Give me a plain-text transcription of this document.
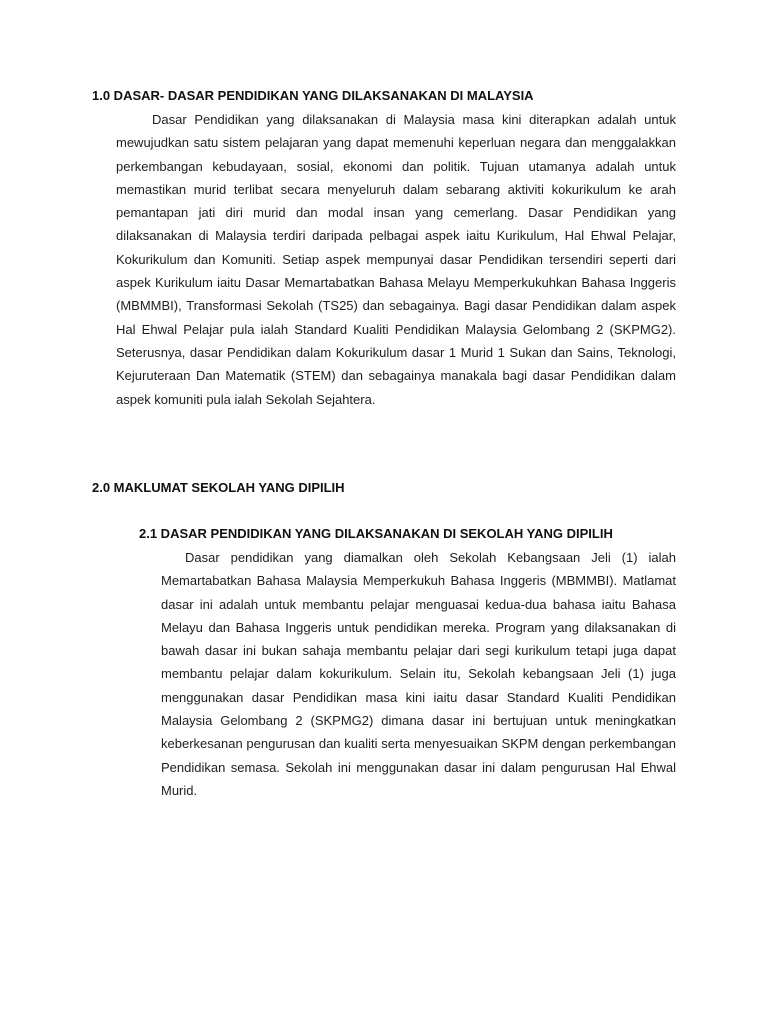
1.0 DASAR- DASAR PENDIDIKAN YANG DILAKSANAKAN DI MALAYSIA
Dasar Pendidikan yang dilaksanakan di Malaysia masa kini diterapkan adalah untuk mewujudkan satu sistem pelajaran yang dapat memenuhi keperluan negara dan menggalakkan perkembangan kebudayaan, sosial, ekonomi dan politik. Tujuan utamanya adalah untuk memastikan murid terlibat secara menyeluruh dalam sebarang aktiviti kokurikulum ke arah pemantapan jati diri murid dan modal insan yang cemerlang. Dasar Pendidikan yang dilaksanakan di Malaysia terdiri daripada pelbagai aspek iaitu Kurikulum, Hal Ehwal Pelajar, Kokurikulum dan Komuniti. Setiap aspek mempunyai dasar Pendidikan tersendiri seperti dari aspek Kurikulum iaitu Dasar Memartabatkan Bahasa Melayu Memperkukuhkan Bahasa Inggeris (MBMMBI), Transformasi Sekolah (TS25) dan sebagainya. Bagi dasar Pendidikan dalam aspek Hal Ehwal Pelajar pula ialah Standard Kualiti Pendidikan Malaysia Gelombang 2 (SKPMG2). Seterusnya, dasar Pendidikan dalam Kokurikulum dasar 1 Murid 1 Sukan dan Sains, Teknologi, Kejuruteraan Dan Matematik (STEM) dan sebagainya manakala bagi dasar Pendidikan dalam aspek komuniti pula ialah Sekolah Sejahtera.
2.0 MAKLUMAT SEKOLAH YANG DIPILIH
2.1 DASAR PENDIDIKAN YANG DILAKSANAKAN DI SEKOLAH YANG DIPILIH
Dasar pendidikan yang diamalkan oleh Sekolah Kebangsaan Jeli (1) ialah Memartabatkan Bahasa Malaysia Memperkukuh Bahasa Inggeris (MBMMBI). Matlamat dasar ini adalah untuk membantu pelajar menguasai kedua-dua bahasa iaitu Bahasa Melayu dan Bahasa Inggeris untuk pendidikan mereka. Program yang dilaksanakan di bawah dasar ini bukan sahaja membantu pelajar dari segi kurikulum tetapi juga dapat membantu pelajar dalam kokurikulum. Selain itu, Sekolah kebangsaan Jeli (1) juga menggunakan dasar Pendidikan masa kini iaitu dasar Standard Kualiti Pendidikan Malaysia Gelombang 2 (SKPMG2) dimana dasar ini bertujuan untuk meningkatkan keberkesanan pengurusan dan kualiti serta menyesuaikan SKPM dengan perkembangan Pendidikan semasa. Sekolah ini menggunakan dasar ini dalam pengurusan Hal Ehwal Murid.
